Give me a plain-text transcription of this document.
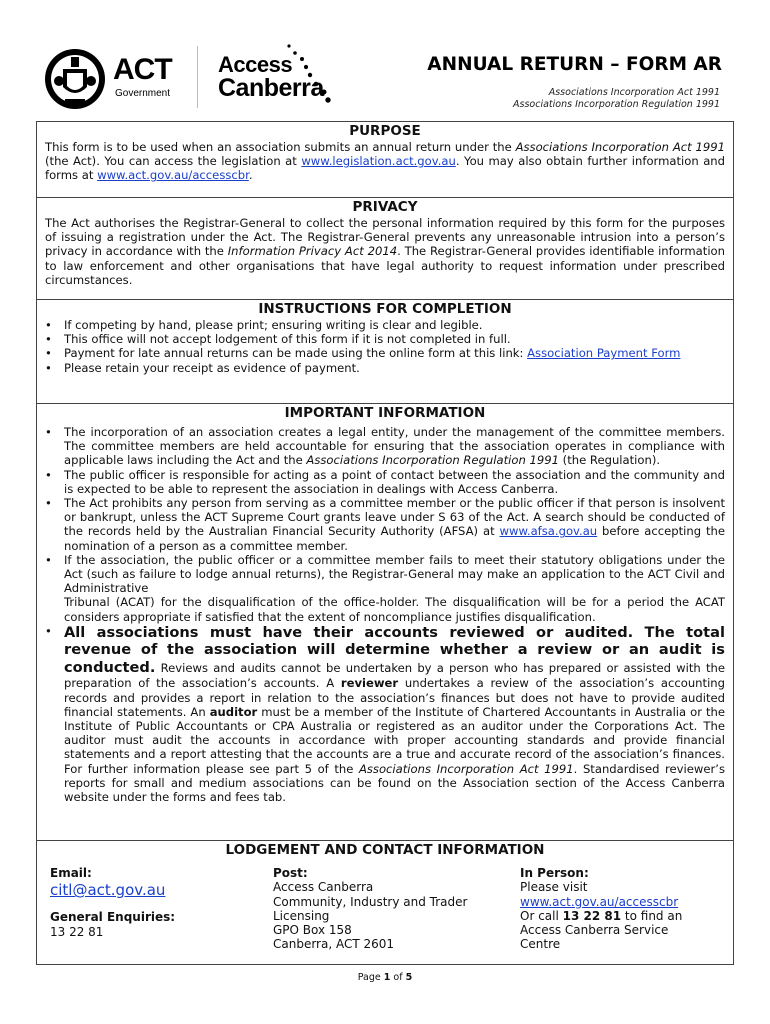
ACT
Government
Access
Canberra
ANNUAL RETURN – FORM AR
Associations Incorporation Act 1991
Associations Incorporation Regulation 1991
PURPOSE
This form is to be used when an association submits an annual return under the Associations Incorporation Act 1991 (the Act). You can access the legislation at www.legislation.act.gov.au. You may also obtain further information and forms at www.act.gov.au/accesscbr.
PRIVACY
The Act authorises the Registrar-General to collect the personal information required by this form for the purposes of issuing a registration under the Act. The Registrar-General prevents any unreasonable intrusion into a person’s privacy in accordance with the Information Privacy Act 2014. The Registrar-General provides identifiable information to law enforcement and other organisations that have legal authority to request information under prescribed circumstances.
INSTRUCTIONS FOR COMPLETION
• If competing by hand, please print; ensuring writing is clear and legible.
• This office will not accept lodgement of this form if it is not completed in full.
• Payment for late annual returns can be made using the online form at this link: Association Payment Form
• Please retain your receipt as evidence of payment.
IMPORTANT INFORMATION
• The incorporation of an association creates a legal entity, under the management of the committee members. The committee members are held accountable for ensuring that the association operates in compliance with applicable laws including the Act and the Associations Incorporation Regulation 1991 (the Regulation).
• The public officer is responsible for acting as a point of contact between the association and the community and is expected to be able to represent the association in dealings with Access Canberra.
• The Act prohibits any person from serving as a committee member or the public officer if that person is insolvent or bankrupt, unless the ACT Supreme Court grants leave under S 63 of the Act. A search should be conducted of the records held by the Australian Financial Security Authority (AFSA) at www.afsa.gov.au before accepting the nomination of a person as a committee member.
• If the association, the public officer or a committee member fails to meet their statutory obligations under the Act (such as failure to lodge annual returns), the Registrar-General may make an application to the ACT Civil and Administrative
Tribunal (ACAT) for the disqualification of the office-holder. The disqualification will be for a period the ACAT considers appropriate if satisfied that the extent of noncompliance justifies disqualification.
• All associations must have their accounts reviewed or audited. The total revenue of the association will determine whether a review or an audit is conducted. Reviews and audits cannot be undertaken by a person who has prepared or assisted with the preparation of the association’s accounts. A reviewer undertakes a review of the association’s accounting records and provides a report in relation to the association’s finances but does not have to provide audited financial statements. An auditor must be a member of the Institute of Chartered Accountants in Australia or the Institute of Public Accountants or CPA Australia or registered as an auditor under the Corporations Act. The auditor must audit the accounts in accordance with proper accounting standards and provide financial statements and a report attesting that the accounts are a true and accurate record of the association’s finances. For further information please see part 5 of the Associations Incorporation Act 1991. Standardised reviewer’s reports for small and medium associations can be found on the Association section of the Access Canberra website under the forms and fees tab.
LODGEMENT AND CONTACT INFORMATION
Email:
citl@act.gov.au
General Enquiries:
13 22 81
Post:
Access Canberra
Community, Industry and Trader
Licensing
GPO Box 158
Canberra, ACT 2601
In Person:
Please visit
www.act.gov.au/accesscbr
Or call 13 22 81 to find an
Access Canberra Service
Centre
Page 1 of 5
